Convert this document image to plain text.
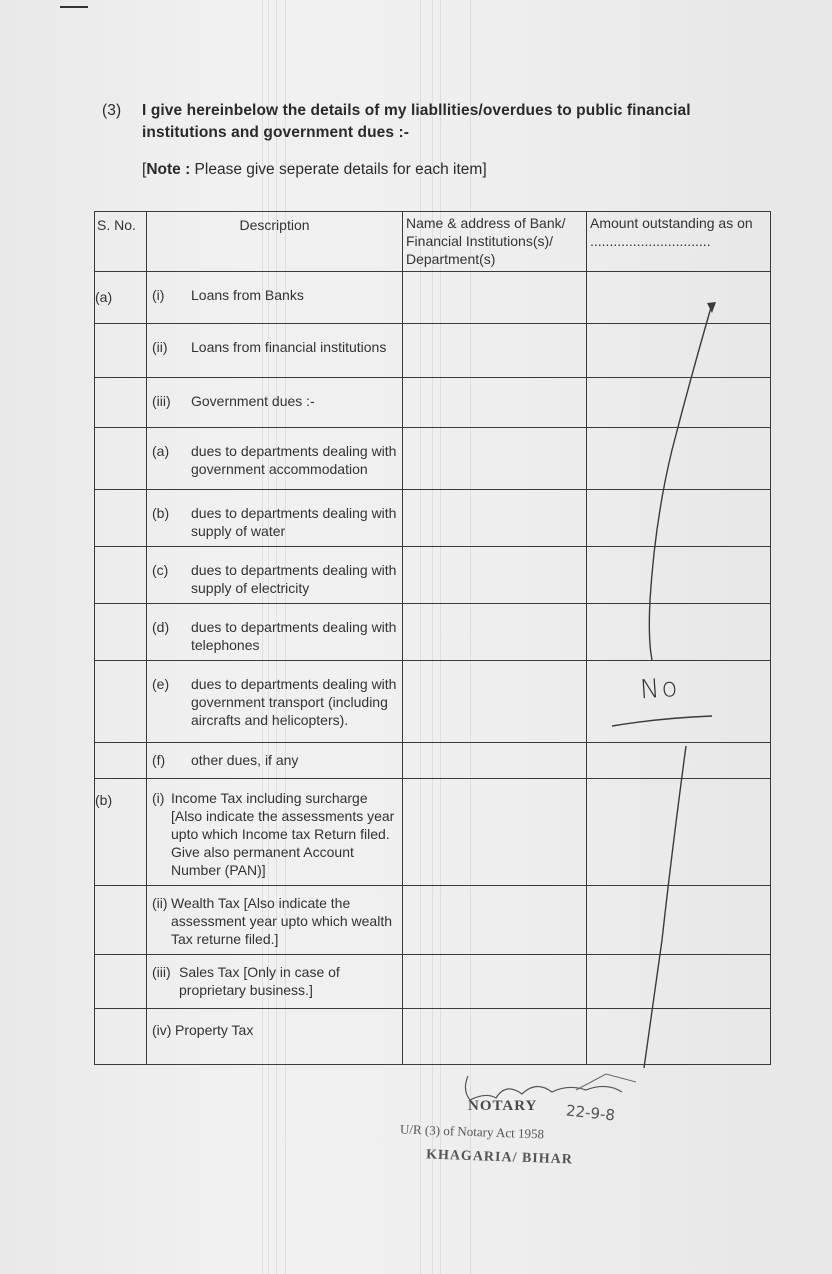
(3) I give hereinbelow the details of my liabllities/overdues to public financial institutions and government dues :-
[Note : Please give seperate details for each item]
S. No.	Description	Name & address of Bank/ Financial Institutions(s)/ Department(s)	Amount outstanding as on ...............................
(a)	(i) Loans from Banks		

	(ii) Loans from financial institutions		

	(iii) Government dues :-		

	(a) dues to departments dealing with government accommodation		

	(b) dues to departments dealing with supply of water		

	(c) dues to departments dealing with supply of electricity		

	(d) dues to departments dealing with telephones		

	(e) dues to departments dealing with government transport (including aircrafts and helicopters).		

	(f) other dues, if any		

(b)	(i) Income Tax including surcharge [Also indicate the assessments year upto which Income tax Return filed. Give also permanent Account Number (PAN)]		

	(ii) Wealth Tax [Also indicate the assessment year upto which wealth Tax returne filed.]		

	(iii) Sales Tax [Only in case of proprietary business.]		

	(iv) Property Tax		

No
NOTARY 22-9-8
U/R (3) of Notary Act 1958
KHAGARIA/ BIHAR
